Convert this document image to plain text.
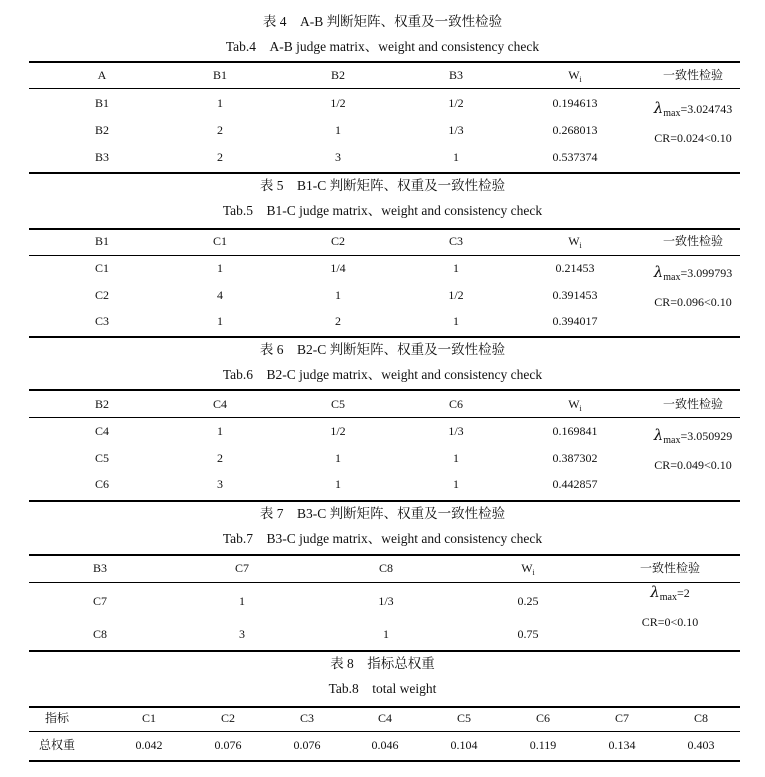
表 4　A-B 判断矩阵、权重及一致性检验
Tab.4　A-B judge matrix、weight and consistency check
A	B1	B2	B3	$W_i$	一致性检验
B1	1	1/2	1/2	0.194613
B2	2	1	1/3	0.268013
B3	2	3	1	0.537374
$\lambda_{max}=3.024743$
CR=0.024<0.10
表 5　B1-C 判断矩阵、权重及一致性检验
Tab.5　B1-C judge matrix、weight and consistency check
B1	C1	C2	C3	$W_i$	一致性检验
C1	1	1/4	1	0.21453
C2	4	1	1/2	0.391453
C3	1	2	1	0.394017
$\lambda_{max}=3.099793$
CR=0.096<0.10
表 6　B2-C 判断矩阵、权重及一致性检验
Tab.6　B2-C judge matrix、weight and consistency check
B2	C4	C5	C6	$W_i$	一致性检验
C4	1	1/2	1/3	0.169841
C5	2	1	1	0.387302
C6	3	1	1	0.442857
$\lambda_{max}=3.050929$
CR=0.049<0.10
表 7　B3-C 判断矩阵、权重及一致性检验
Tab.7　B3-C judge matrix、weight and consistency check
B3	C7	C8	$W_i$	一致性检验
C7	1	1/3	0.25
C8	3	1	0.75
$\lambda_{max}=2$
CR=0<0.10
表 8　指标总权重
Tab.8　total weight
指标	C1	C2	C3	C4	C5	C6	C7	C8
总权重	0.042	0.076	0.076	0.046	0.104	0.119	0.134	0.403
